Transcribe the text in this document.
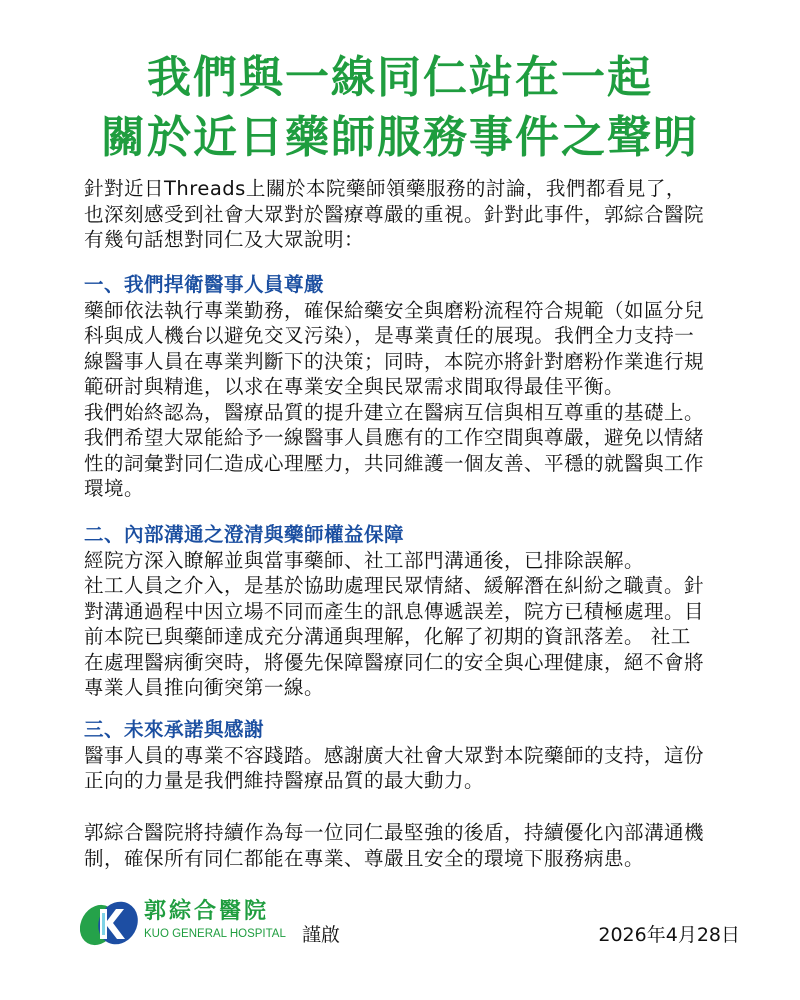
我們與一線同仁站在一起
關於近日藥師服務事件之聲明
針對近日Threads上關於本院藥師領藥服務的討論，我們都看見了，
也深刻感受到社會大眾對於醫療尊嚴的重視。針對此事件，郭綜合醫院
有幾句話想對同仁及大眾說明：
一、我們捍衛醫事人員尊嚴
藥師依法執行專業勤務，確保給藥安全與磨粉流程符合規範（如區分兒
科與成人機台以避免交叉污染），是專業責任的展現。我們全力支持一
線醫事人員在專業判斷下的決策；同時，本院亦將針對磨粉作業進行規
範研討與精進，以求在專業安全與民眾需求間取得最佳平衡。
我們始終認為，醫療品質的提升建立在醫病互信與相互尊重的基礎上。
我們希望大眾能給予一線醫事人員應有的工作空間與尊嚴，避免以情緒
性的詞彙對同仁造成心理壓力，共同維護一個友善、平穩的就醫與工作
環境。
二、內部溝通之澄清與藥師權益保障
經院方深入瞭解並與當事藥師、社工部門溝通後，已排除誤解。
社工人員之介入，是基於協助處理民眾情緒、緩解潛在糾紛之職責。針
對溝通過程中因立場不同而產生的訊息傳遞誤差，院方已積極處理。目
前本院已與藥師達成充分溝通與理解，化解了初期的資訊落差。 社工
在處理醫病衝突時，將優先保障醫療同仁的安全與心理健康，絕不會將
專業人員推向衝突第一線。
三、未來承諾與感謝
醫事人員的專業不容踐踏。感謝廣大社會大眾對本院藥師的支持，這份
正向的力量是我們維持醫療品質的最大動力。
郭綜合醫院將持續作為每一位同仁最堅強的後盾，持續優化內部溝通機
制，確保所有同仁都能在專業、尊嚴且安全的環境下服務病患。
郭綜合醫院
KUO GENERAL HOSPITAL 謹啟	2026年4月28日
